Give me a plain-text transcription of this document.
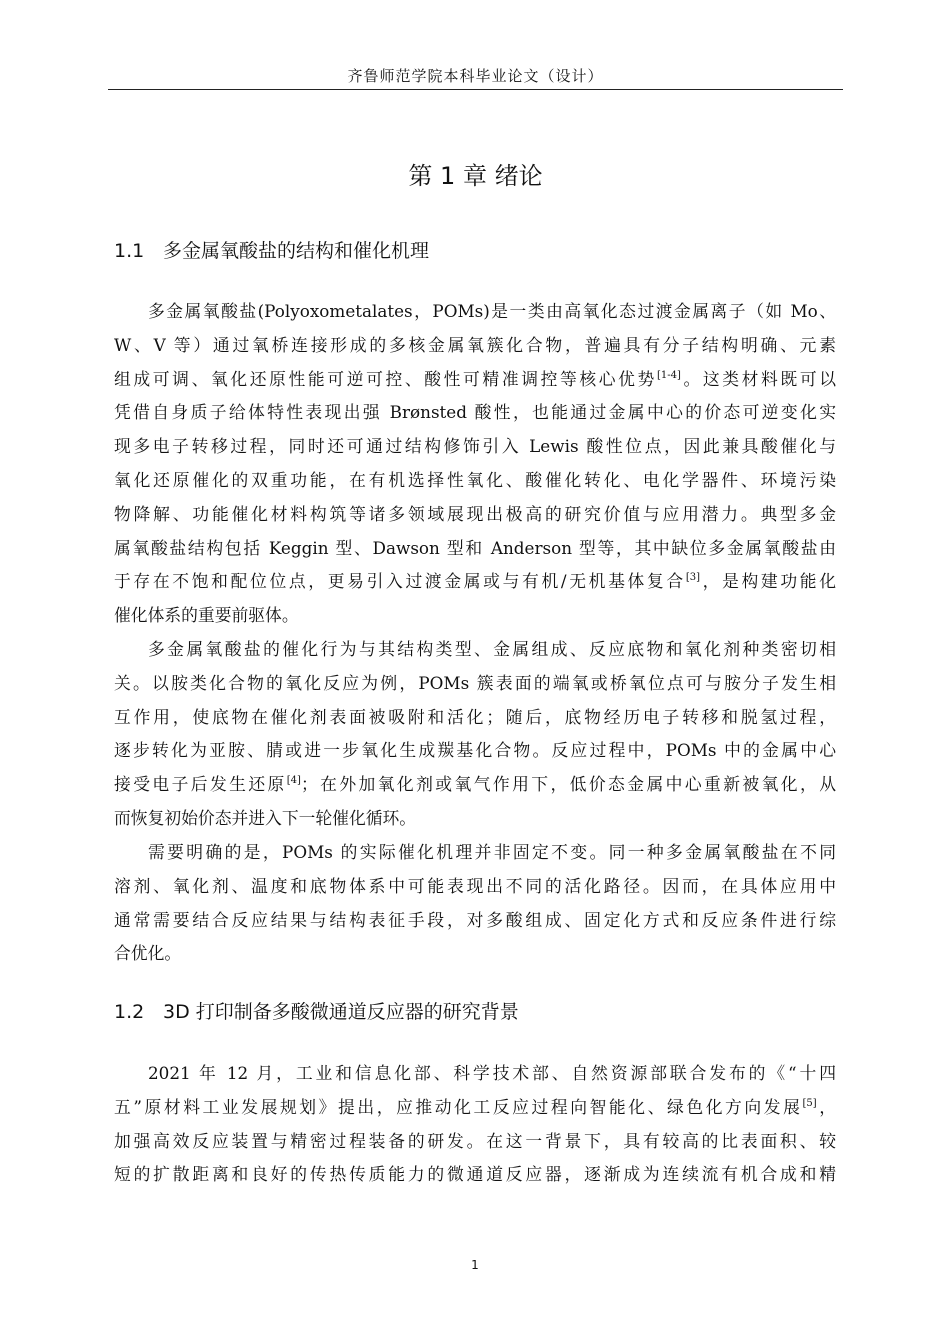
齐鲁师范学院本科毕业论文（设计）
第 1 章 绪论
1.1 多金属氧酸盐的结构和催化机理
多金属氧酸盐(Polyoxometalates，POMs)是一类由高氧化态过渡金属离子（如 Mo、
W、V 等）通过氧桥连接形成的多核金属氧簇化合物，普遍具有分子结构明确、元素
组成可调、氧化还原性能可逆可控、酸性可精准调控等核心优势[1-4]。这类材料既可以
凭借自身质子给体特性表现出强 Brønsted 酸性，也能通过金属中心的价态可逆变化实
现多电子转移过程，同时还可通过结构修饰引入 Lewis 酸性位点，因此兼具酸催化与
氧化还原催化的双重功能，在有机选择性氧化、酸催化转化、电化学器件、环境污染
物降解、功能催化材料构筑等诸多领域展现出极高的研究价值与应用潜力。典型多金
属氧酸盐结构包括 Keggin 型、Dawson 型和 Anderson 型等，其中缺位多金属氧酸盐由
于存在不饱和配位位点，更易引入过渡金属或与有机/无机基体复合[3]，是构建功能化
催化体系的重要前驱体。
多金属氧酸盐的催化行为与其结构类型、金属组成、反应底物和氧化剂种类密切相
关。以胺类化合物的氧化反应为例，POMs 簇表面的端氧或桥氧位点可与胺分子发生相
互作用，使底物在催化剂表面被吸附和活化；随后，底物经历电子转移和脱氢过程，
逐步转化为亚胺、腈或进一步氧化生成羰基化合物。反应过程中，POMs 中的金属中心
接受电子后发生还原[4]；在外加氧化剂或氧气作用下，低价态金属中心重新被氧化，从
而恢复初始价态并进入下一轮催化循环。
需要明确的是，POMs 的实际催化机理并非固定不变。同一种多金属氧酸盐在不同
溶剂、氧化剂、温度和底物体系中可能表现出不同的活化路径。因而，在具体应用中
通常需要结合反应结果与结构表征手段，对多酸组成、固定化方式和反应条件进行综
合优化。
1.2 3D 打印制备多酸微通道反应器的研究背景
2021 年 12 月，工业和信息化部、科学技术部、自然资源部联合发布的《“十四
五”原材料工业发展规划》提出，应推动化工反应过程向智能化、绿色化方向发展[5]，
加强高效反应装置与精密过程装备的研发。在这一背景下，具有较高的比表面积、较
短的扩散距离和良好的传热传质能力的微通道反应器，逐渐成为连续流有机合成和精
1
